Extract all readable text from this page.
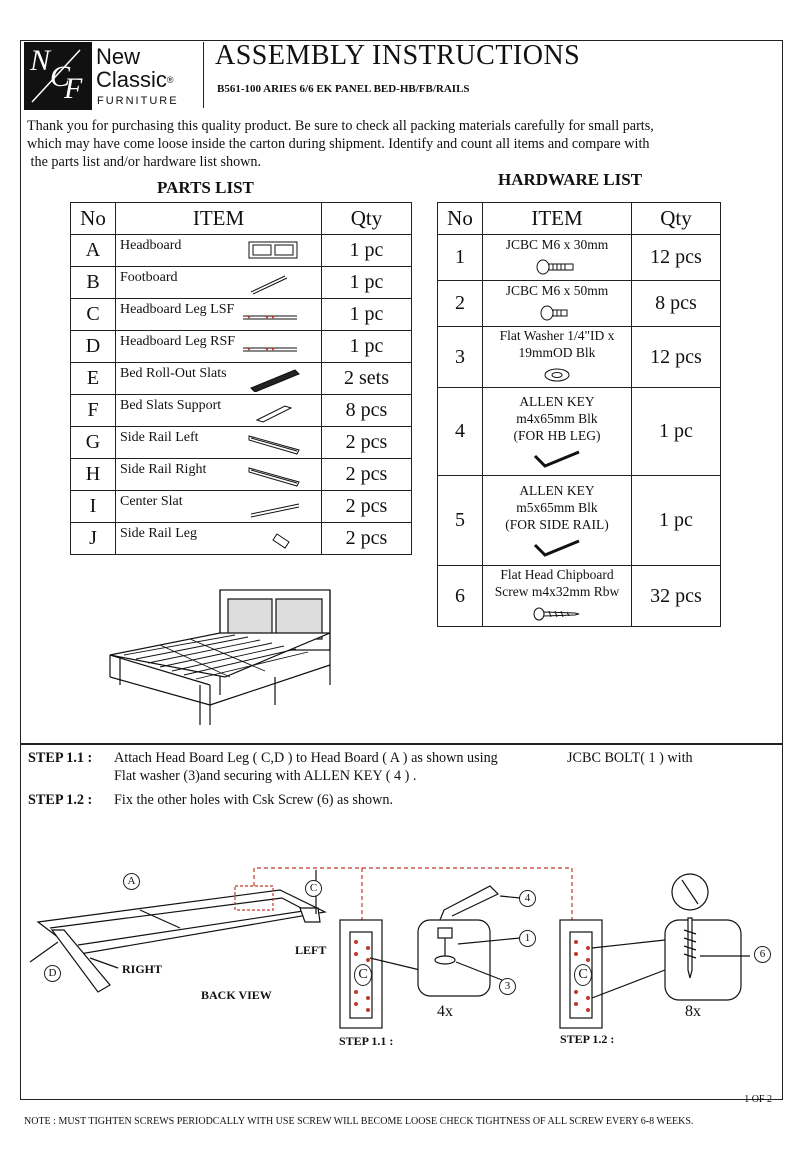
N C
F
New
Classic®
FURNITURE
ASSEMBLY INSTRUCTIONS
B561-100 ARIES 6/6 EK PANEL BED-HB/FB/RAILS
Thank you for purchasing this quality product. Be sure to check all packing materials carefully for small parts,
which may have come loose inside the carton during shipment. Identify and count all items and compare with
the parts list and/or hardware list shown.
PARTS LIST
No	ITEM	Qty
A	Headboard	1 pc
B	Footboard	1 pc
C	Headboard Leg LSF	1 pc
D	Headboard Leg RSF	1 pc
E	Bed Roll-Out Slats	2 sets
F	Bed Slats Support	8 pcs
G	Side Rail Left	2 pcs
H	Side Rail Right	2 pcs
I	Center Slat	2 pcs
J	Side Rail Leg	2 pcs
HARDWARE LIST
No	ITEM	Qty
1	JCBC M6 x 30mm	12 pcs
2	JCBC M6 x 50mm	8 pcs
3	Flat Washer 1/4"ID x
19mmOD Blk	12 pcs
4	ALLEN KEY
m4x65mm Blk
(FOR HB LEG)	1 pc
5	ALLEN KEY
m5x65mm Blk
(FOR SIDE RAIL)	1 pc
6	Flat Head Chipboard
Screw m4x32mm Rbw	32 pcs
STEP 1.1 : Attach Head Board Leg ( C,D ) to Head Board ( A ) as shown using	JCBC BOLT( 1 ) with
Flat washer (3)and securing with ALLEN KEY ( 4 ) .
STEP 1.2 : Fix the other holes with Csk Screw (6) as shown.
A
C
D
LEFT
RIGHT
BACK VIEW
C	C
4
1
3
6
4x	8x
STEP 1.1 :	STEP 1.2 :
1 OF 2
NOTE : MUST TIGHTEN SCREWS PERIODCALLY WITH USE SCREW WILL BECOME LOOSE CHECK TIGHTNESS OF ALL SCREW EVERY 6-8 WEEKS.
